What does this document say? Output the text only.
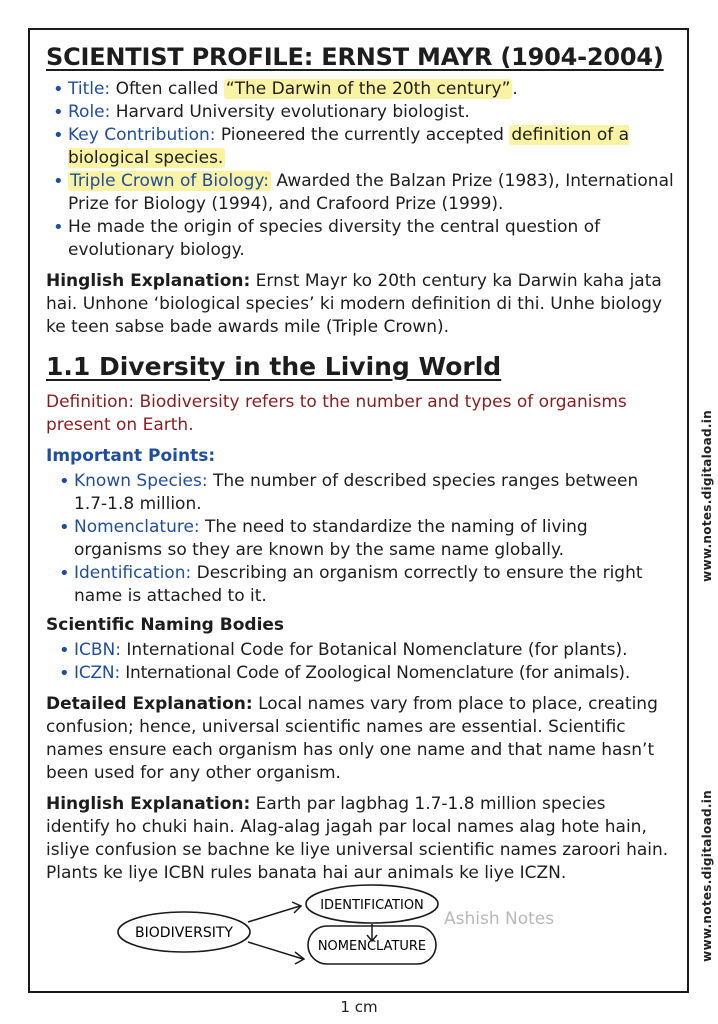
SCIENTIST PROFILE: ERNST MAYR (1904-2004)
• Title: Often called “The Darwin of the 20th century” .
• Role: Harvard University evolutionary biologist.
• Key Contribution: Pioneered the currently accepted definition of a biological species.
• Triple Crown of Biology: Awarded the Balzan Prize (1983), International Prize for Biology (1994), and Crafoord Prize (1999).
• He made the origin of species diversity the central question of evolutionary biology.

Hinglish Explanation: Ernst Mayr ko 20th century ka Darwin kaha jata hai. Unhone ‘biological species’ ki modern definition di thi. Unhe biology ke teen sabse bade awards mile (Triple Crown).

1.1 Diversity in the Living World

Definition: Biodiversity refers to the number and types of organisms present on Earth.

Important Points:
• Known Species: The number of described species ranges between 1.7-1.8 million.
• Nomenclature: The need to standardize the naming of living organisms so they are known by the same name globally.
• Identification: Describing an organism correctly to ensure the right name is attached to it.
Scientific Naming Bodies
• ICBN: International Code for Botanical Nomenclature (for plants).
• ICZN: International Code of Zoological Nomenclature (for animals).

Detailed Explanation: Local names vary from place to place, creating confusion; hence, universal scientific names are essential. Scientific names ensure each organism has only one name and that name hasn’t been used for any other organism.

Hinglish Explanation: Earth par lagbhag 1.7-1.8 million species identify ho chuki hain. Alag-alag jagah par local names alag hote hain, isliye confusion se bachne ke liye universal scientific names zaroori hain. Plants ke liye ICBN rules banata hai aur animals ke liye ICZN.

BIODIVERSITY
IDENTIFICATION
NOMENCLATURE
Ashish Notes
www.notes.digitaload.in
www.notes.digitaload.in
1 cm
